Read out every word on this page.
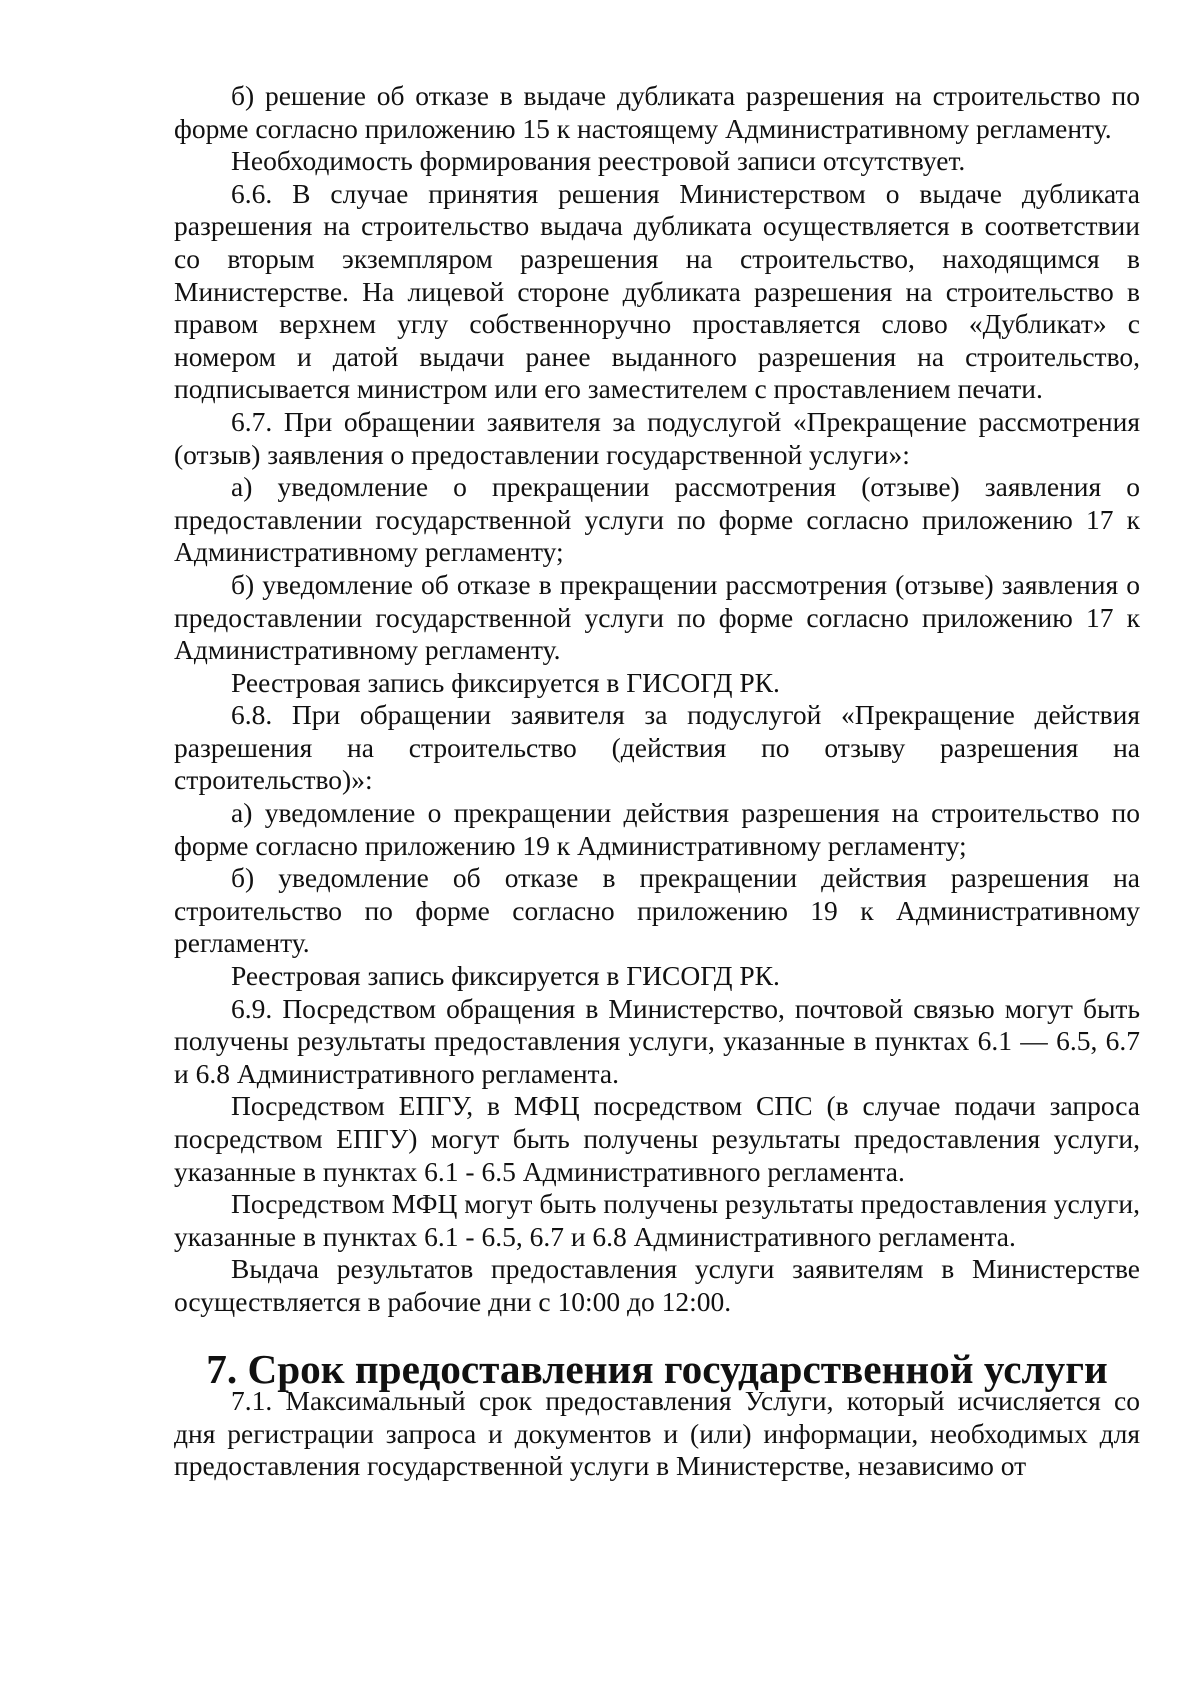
б) решение об отказе в выдаче дубликата разрешения на строительство по форме согласно приложению 15 к настоящему Административному регламенту.

Необходимость формирования реестровой записи отсутствует.

6.6. В случае принятия решения Министерством о выдаче дубликата разрешения на строительство выдача дубликата осуществляется в соответствии со вторым экземпляром разрешения на строительство, находящимся в Министерстве. На лицевой стороне дубликата разрешения на строительство в правом верхнем углу собственноручно проставляется слово «Дубликат» с номером и датой выдачи ранее выданного разрешения на строительство, подписывается министром или его заместителем с проставлением печати.

6.7. При обращении заявителя за подуслугой «Прекращение рассмотрения (отзыв) заявления о предоставлении государственной услуги»:

а) уведомление о прекращении рассмотрения (отзыве) заявления о предоставлении государственной услуги по форме согласно приложению 17 к Административному регламенту;

б) уведомление об отказе в прекращении рассмотрения (отзыве) заявления о предоставлении государственной услуги по форме согласно приложению 17 к Административному регламенту.

Реестровая запись фиксируется в ГИСОГД РК.

6.8. При обращении заявителя за подуслугой «Прекращение действия разрешения на строительство (действия по отзыву разрешения на строительство)»:

а) уведомление о прекращении действия разрешения на строительство по форме согласно приложению 19 к Административному регламенту;

б) уведомление об отказе в прекращении действия разрешения на строительство по форме согласно приложению 19 к Административному регламенту.

Реестровая запись фиксируется в ГИСОГД РК.

6.9. Посредством обращения в Министерство, почтовой связью могут быть получены результаты предоставления услуги, указанные в пунктах 6.1 — 6.5, 6.7 и 6.8 Административного регламента.

Посредством ЕПГУ, в МФЦ посредством СПС (в случае подачи запроса посредством ЕПГУ) могут быть получены результаты предоставления услуги, указанные в пунктах 6.1 - 6.5 Административного регламента.

Посредством МФЦ могут быть получены результаты предоставления услуги, указанные в пунктах 6.1 - 6.5, 6.7 и 6.8 Административного регламента.

Выдача результатов предоставления услуги заявителям в Министерстве осуществляется в рабочие дни с 10:00 до 12:00.

7. Срок предоставления государственной услуги

7.1. Максимальный срок предоставления Услуги, который исчисляется со дня регистрации запроса и документов и (или) информации, необходимых для предоставления государственной услуги в Министерстве, независимо от
